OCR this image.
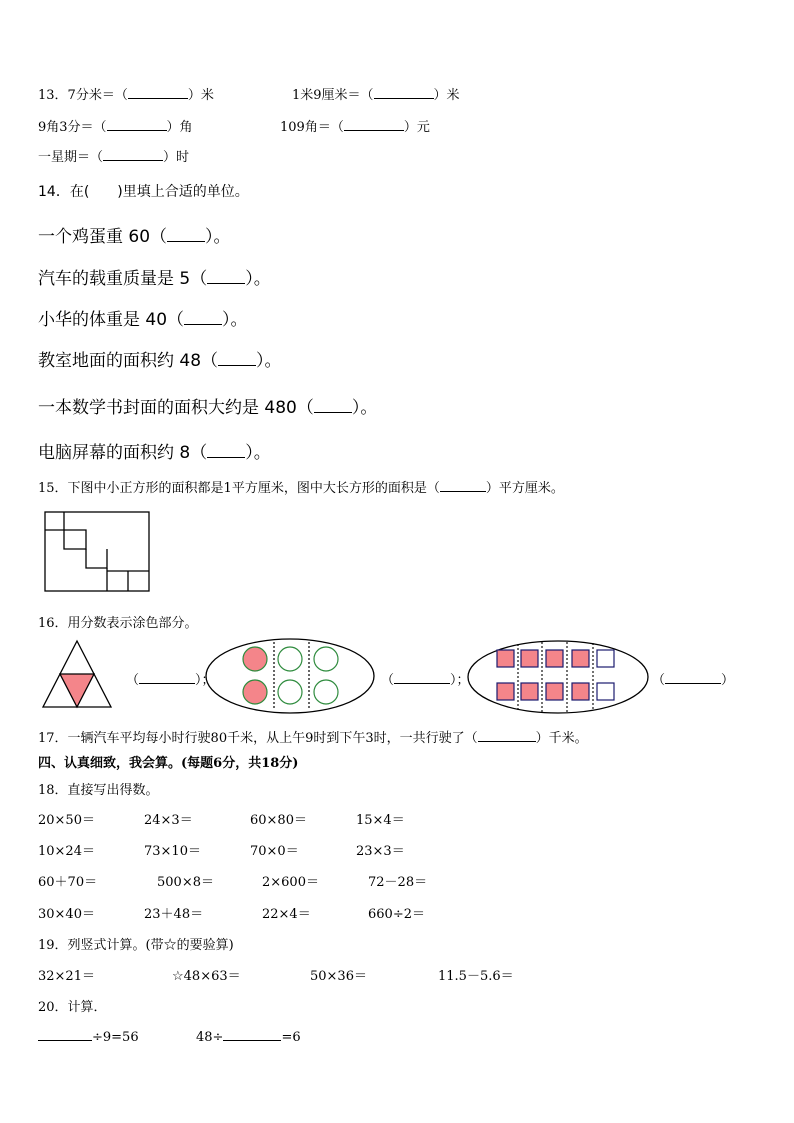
13．7分米＝（	）米	1米9厘米＝（	）米
9角3分＝（	）角	109角＝（	）元
一星期＝（	）时
14．在(　　)里填上合适的单位。
一个鸡蛋重 60（ ）。
汽车的载重质量是 5（ ）。
小华的体重是 40（ ）。
教室地面的面积约 48（ ）。
一本数学书封面的面积大约是 480（ ）。
电脑屏幕的面积约 8（ ）。
15．下图中小正方形的面积都是1平方厘米，图中大长方形的面积是（	）平方厘米。
16．用分数表示涂色部分。
（	）；	（	）；	（	）
17．一辆汽车平均每小时行驶80千米，从上午9时到下午3时，一共行驶了（	）千米。
四、认真细致，我会算。(每题6分，共18分)
18．直接写出得数。
20×50＝	24×3＝	60×80＝	15×4＝
10×24＝	73×10＝	70×0＝	23×3＝
60＋70＝	500×8＝	2×600＝	72－28＝
30×40＝	23＋48＝	22×4＝	660÷2＝
19．列竖式计算。(带☆的要验算)
32×21＝	☆48×63＝	50×36＝	11.5－5.6＝
20．计算．
÷9=56	48÷	=6
